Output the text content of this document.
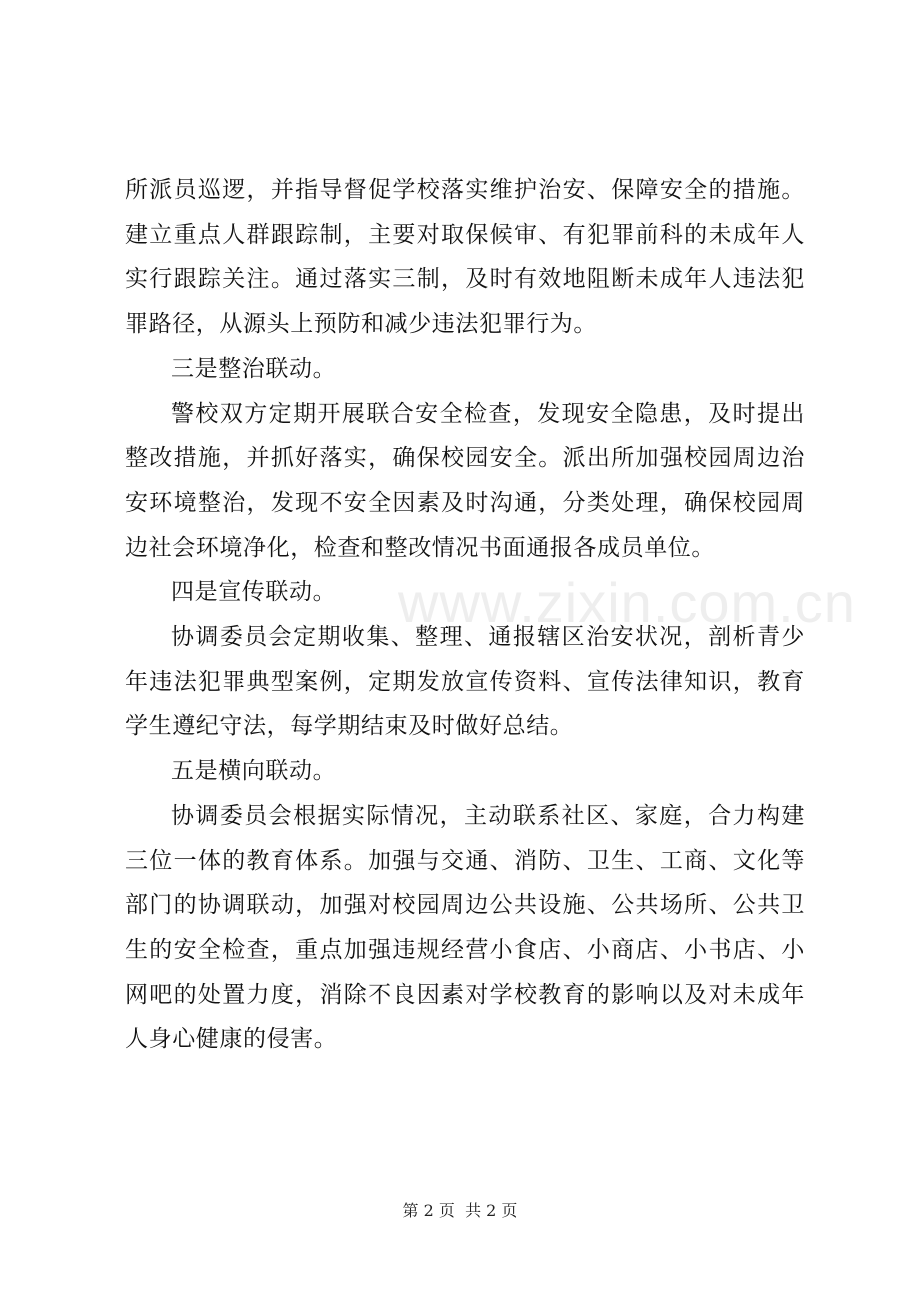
所派员巡逻，并指导督促学校落实维护治安、保障安全的措施。建立重点人群跟踪制，主要对取保候审、有犯罪前科的未成年人实行跟踪关注。通过落实三制，及时有效地阻断未成年人违法犯罪路径，从源头上预防和减少违法犯罪行为。

三是整治联动。

警校双方定期开展联合安全检查，发现安全隐患，及时提出整改措施，并抓好落实，确保校园安全。派出所加强校园周边治安环境整治，发现不安全因素及时沟通，分类处理，确保校园周边社会环境净化，检查和整改情况书面通报各成员单位。

四是宣传联动。

协调委员会定期收集、整理、通报辖区治安状况，剖析青少年违法犯罪典型案例，定期发放宣传资料、宣传法律知识，教育学生遵纪守法，每学期结束及时做好总结。

五是横向联动。

协调委员会根据实际情况，主动联系社区、家庭，合力构建三位一体的教育体系。加强与交通、消防、卫生、工商、文化等部门的协调联动，加强对校园周边公共设施、公共场所、公共卫生的安全检查，重点加强违规经营小食店、小商店、小书店、小网吧的处置力度，消除不良因素对学校教育的影响以及对未成年人身心健康的侵害。

www.zixin.com.cn
第 2 页  共 2 页
